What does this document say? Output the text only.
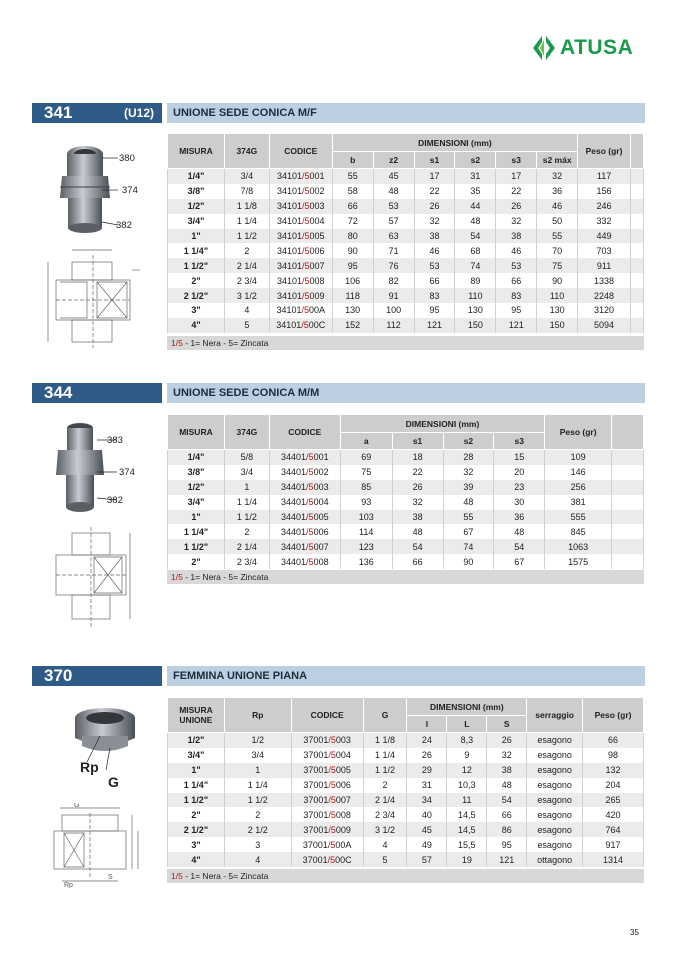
ATUSA
341	(U12)	UNIONE SEDE CONICA M/F
380
374
382
MISURA	374G	CODICE	DIMENSIONI (mm)						Peso (gr)	
			b	z2	s1	s2	s3	s2 máx		
1/4"	3/4	34101/5001	55	45	17	31	17	32	117	
3/8"	7/8	34101/5002	58	48	22	35	22	36	156	
1/2"	1 1/8	34101/5003	66	53	26	44	26	46	246	
3/4"	1 1/4	34101/5004	72	57	32	48	32	50	332	
1"	1 1/2	34101/5005	80	63	38	54	38	55	449	
1 1/4"	2	34101/5006	90	71	46	68	46	70	703	
1 1/2"	2 1/4	34101/5007	95	76	53	74	53	75	911	
2"	2 3/4	34101/5008	106	82	66	89	66	90	1338	
2 1/2"	3 1/2	34101/5009	118	91	83	110	83	110	2248	
3"	4	34101/500A	130	100	95	130	95	130	3120	
4"	5	34101/500C	152	112	121	150	121	150	5094	
1/5 - 1= Nera - 5= Zincata
344	UNIONE SEDE CONICA M/M
383
374
382
MISURA	374G	CODICE	DIMENSIONI (mm)				Peso (gr)	
			a	s1	s2	s3		
1/4"	5/8	34401/5001	69	18	28	15	109	
3/8"	3/4	34401/5002	75	22	32	20	146	
1/2"	1	34401/5003	85	26	39	23	256	
3/4"	1 1/4	34401/5004	93	32	48	30	381	
1"	1 1/2	34401/5005	103	38	55	36	555	
1 1/4"	2	34401/5006	114	48	67	48	845	
1 1/2"	2 1/4	34401/5007	123	54	74	54	1063	
2"	2 3/4	34401/5008	136	66	90	67	1575	
1/5 - 1= Nera - 5= Zincata
370	FEMMINA UNIONE PIANA
Rp
G
G
Rp
S
MISURA UNIONE	Rp	CODICE	G	DIMENSIONI (mm)			serraggio	Peso (gr)
				l	L	S		
1/2"	1/2	37001/5003	1 1/8	24	8,3	26	esagono	66
3/4"	3/4	37001/5004	1 1/4	26	9	32	esagono	98
1"	1	37001/5005	1 1/2	29	12	38	esagono	132
1 1/4"	1 1/4	37001/5006	2	31	10,3	48	esagono	204
1 1/2"	1 1/2	37001/5007	2 1/4	34	11	54	esagono	265
2"	2	37001/5008	2 3/4	40	14,5	66	esagono	420
2 1/2"	2 1/2	37001/5009	3 1/2	45	14,5	86	esagono	764
3"	3	37001/500A	4	49	15,5	95	esagono	917
4"	4	37001/500C	5	57	19	121	ottagono	1314
1/5 - 1= Nera - 5= Zincata
35
